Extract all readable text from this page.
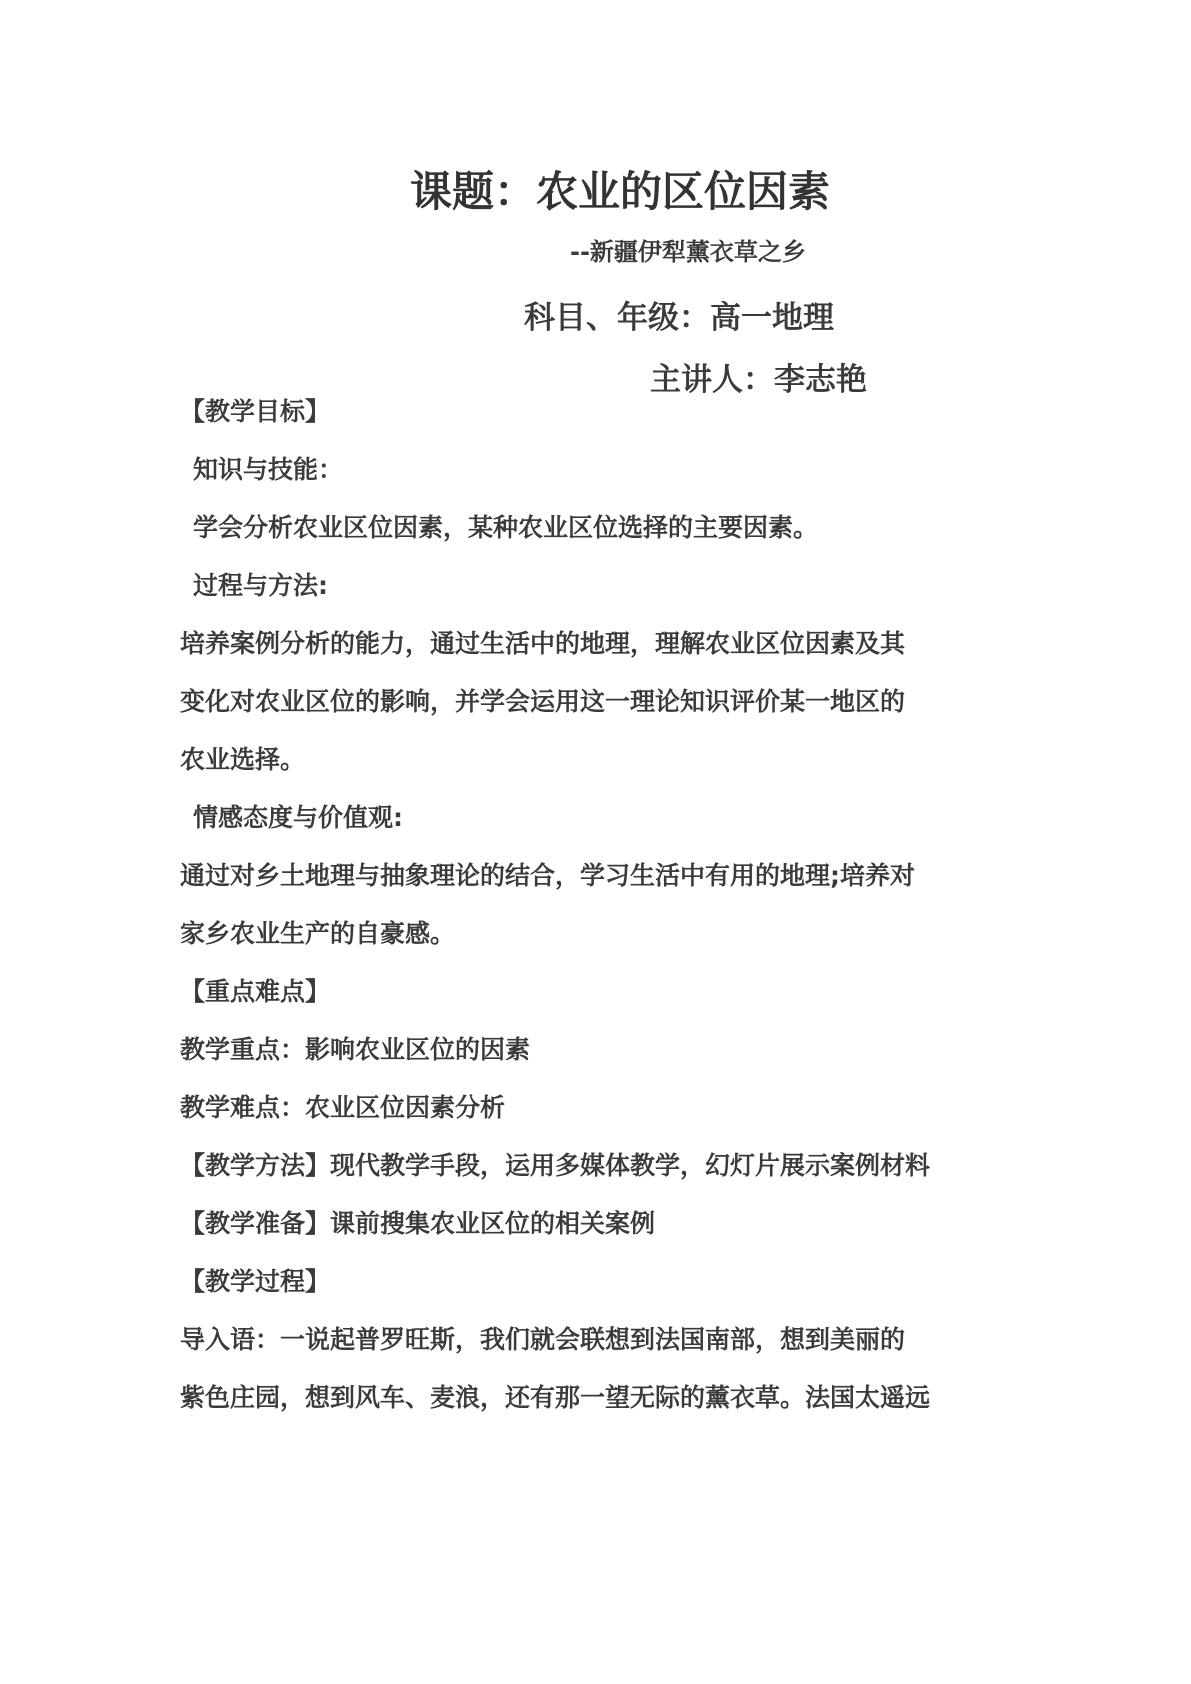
课题：农业的区位因素
--新疆伊犁薰衣草之乡
科目、年级：高一地理
主讲人：李志艳
【教学目标】
知识与技能：
学会分析农业区位因素，某种农业区位选择的主要因素。
过程与方法:
培养案例分析的能力，通过生活中的地理，理解农业区位因素及其
变化对农业区位的影响，并学会运用这一理论知识评价某一地区的
农业选择。
情感态度与价值观:
通过对乡土地理与抽象理论的结合，学习生活中有用的地理;培养对
家乡农业生产的自豪感。
【重点难点】
教学重点：影响农业区位的因素
教学难点：农业区位因素分析
【教学方法】现代教学手段，运用多媒体教学，幻灯片展示案例材料
【教学准备】课前搜集农业区位的相关案例
【教学过程】
导入语：一说起普罗旺斯，我们就会联想到法国南部，想到美丽的
紫色庄园，想到风车、麦浪，还有那一望无际的薰衣草。法国太遥远
